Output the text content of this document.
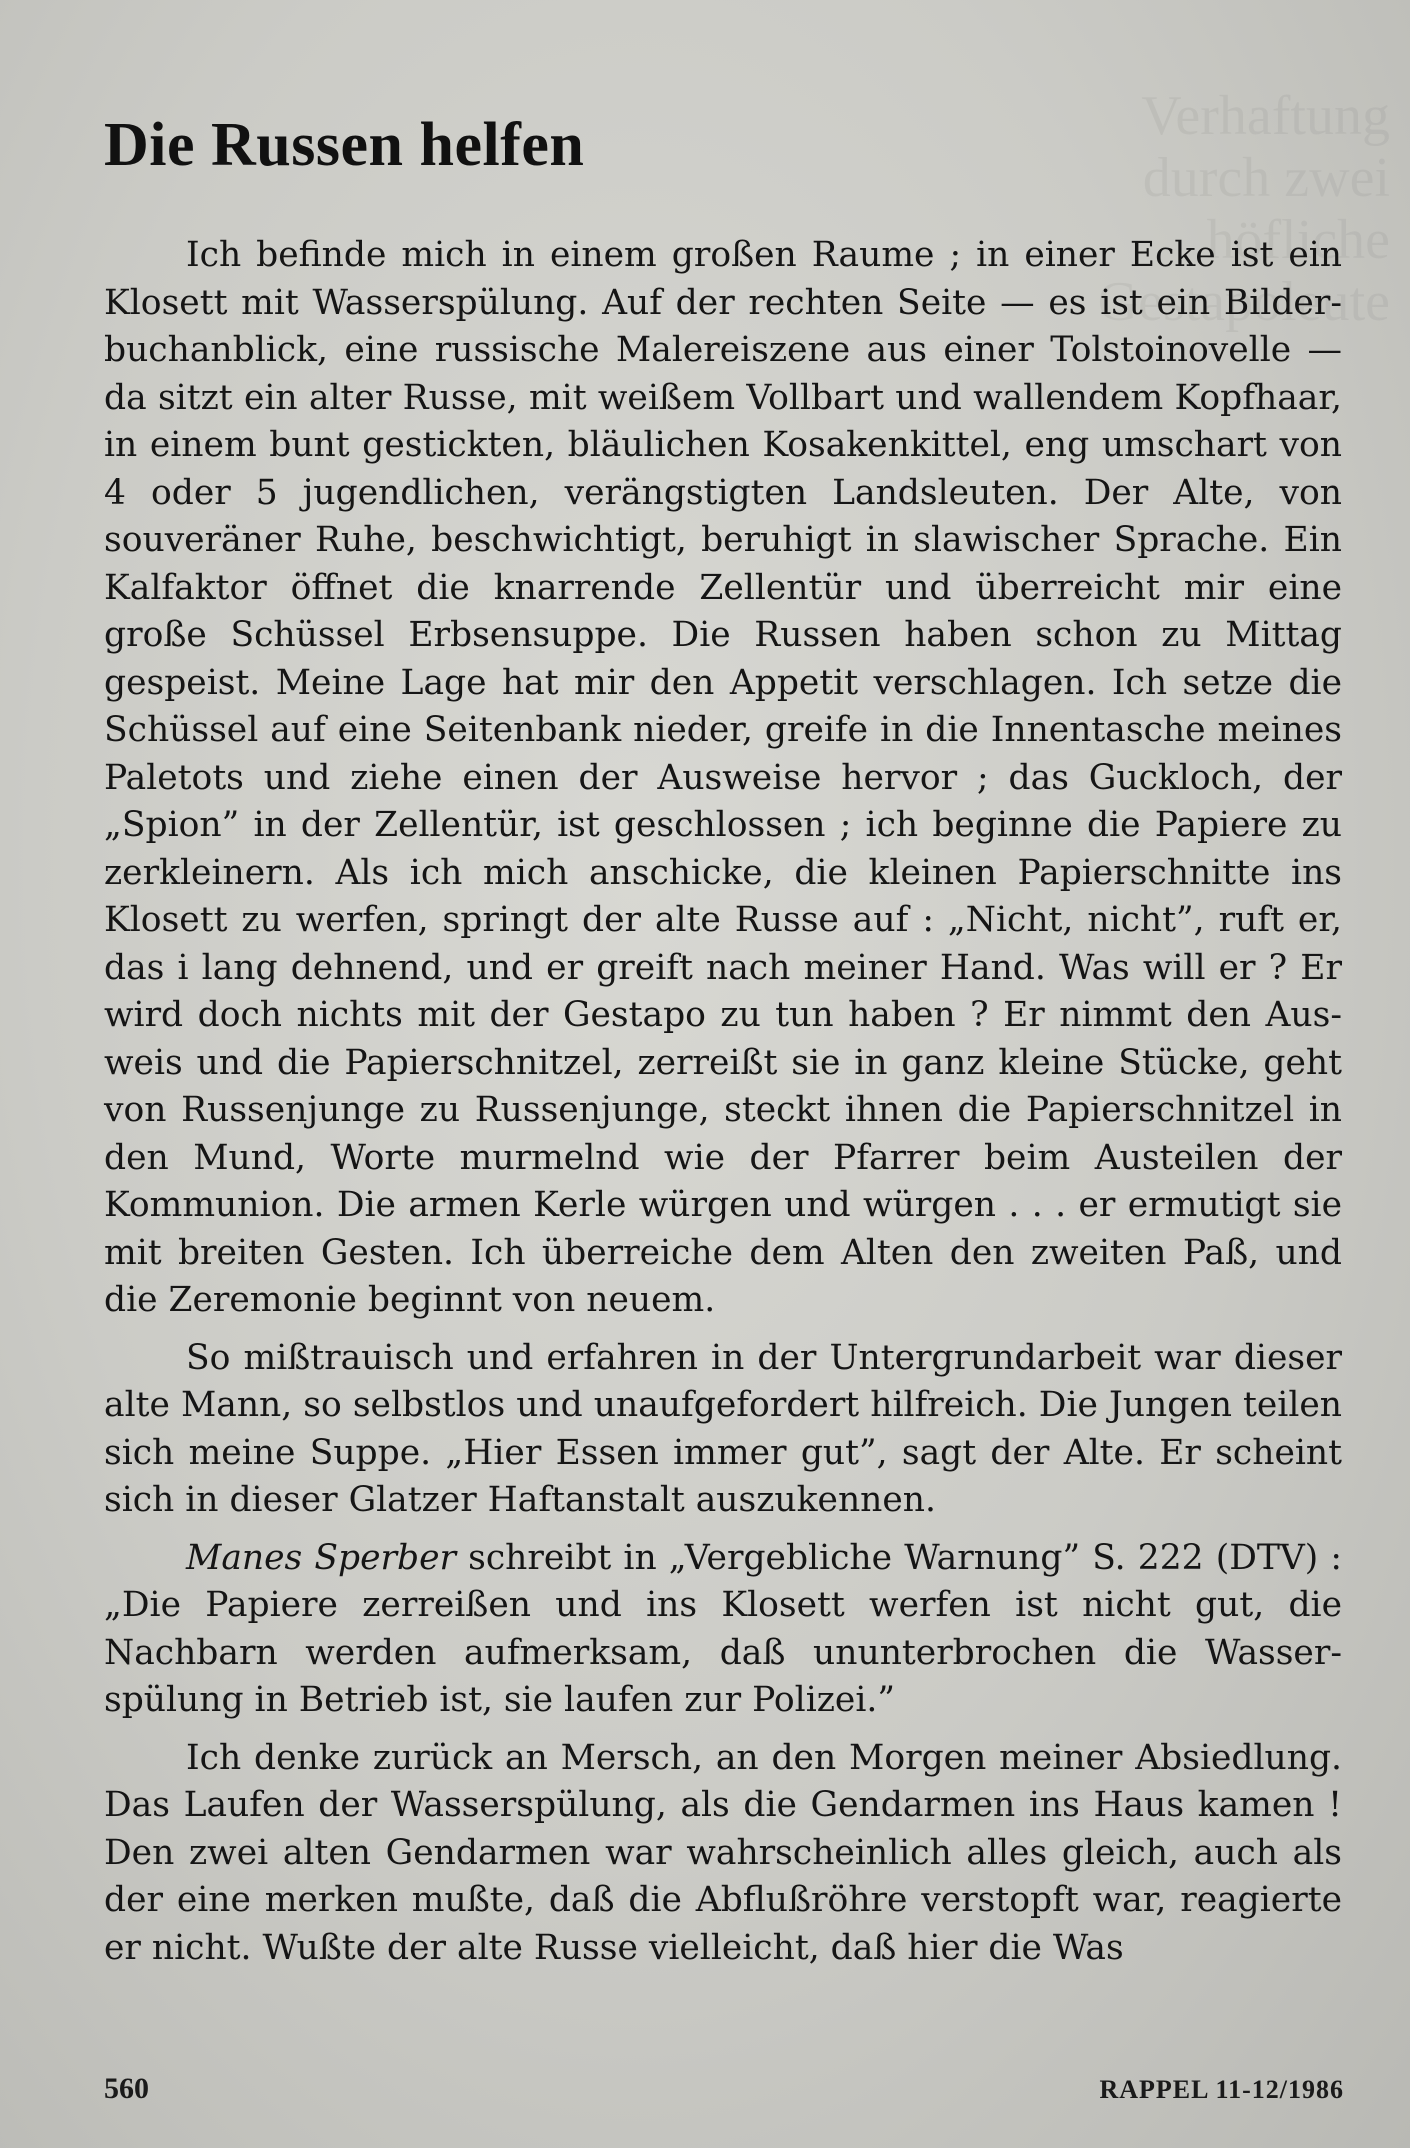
Die Russen helfen

Ich befinde mich in einem großen Raume ; in einer Ecke ist ein Klosett mit Wasserspülung. Auf der rechten Seite — es ist ein Bilderbuchanblick, eine russische Malereiszene aus einer Tolstoinovelle — da sitzt ein alter Russe, mit weißem Vollbart und wallendem Kopfhaar, in einem bunt gestickten, bläulichen Kosakenkittel, eng umschart von 4 oder 5 jugendlichen, verängstigten Landsleuten. Der Alte, von souveräner Ruhe, beschwichtigt, beruhigt in slawischer Sprache. Ein Kalfaktor öffnet die knarrende Zellentür und überreicht mir eine große Schüssel Erbsensuppe. Die Russen haben schon zu Mittag gespeist. Meine Lage hat mir den Appetit verschlagen. Ich setze die Schüssel auf eine Seitenbank nieder, greife in die Innentasche meines Paletots und ziehe einen der Ausweise hervor ; das Guckloch, der „Spion” in der Zellentür, ist geschlossen ; ich beginne die Papiere zu zerkleinern. Als ich mich anschicke, die kleinen Papierschnitte ins Klosett zu werfen, springt der alte Russe auf : „Nicht, nicht”, ruft er, das i lang dehnend, und er greift nach meiner Hand. Was will er ? Er wird doch nichts mit der Gestapo zu tun haben ? Er nimmt den Ausweis und die Papierschnitzel, zerreißt sie in ganz kleine Stücke, geht von Russenjunge zu Russenjunge, steckt ihnen die Papierschnitzel in den Mund, Worte murmelnd wie der Pfarrer beim Austeilen der Kommunion. Die armen Kerle würgen und würgen . . . er ermutigt sie mit breiten Gesten. Ich überreiche dem Alten den zweiten Paß, und die Zeremonie beginnt von neuem.

So mißtrauisch und erfahren in der Untergrundarbeit war dieser alte Mann, so selbstlos und unaufgefordert hilfreich. Die Jungen teilen sich meine Suppe. „Hier Essen immer gut”, sagt der Alte. Er scheint sich in dieser Glatzer Haftanstalt auszukennen.

Manes Sperber schreibt in „Vergebliche Warnung” S. 222 (DTV) : „Die Papiere zerreißen und ins Klosett werfen ist nicht gut, die Nachbarn werden aufmerksam, daß ununterbrochen die Wasserspülung in Betrieb ist, sie laufen zur Polizei.”

Ich denke zurück an Mersch, an den Morgen meiner Absiedlung. Das Laufen der Wasserspülung, als die Gendarmen ins Haus kamen ! Den zwei alten Gendarmen war wahrscheinlich alles gleich, auch als der eine merken mußte, daß die Abflußröhre verstopft war, reagierte er nicht. Wußte der alte Russe vielleicht, daß hier die Was

560	RAPPEL 11-12/1986
